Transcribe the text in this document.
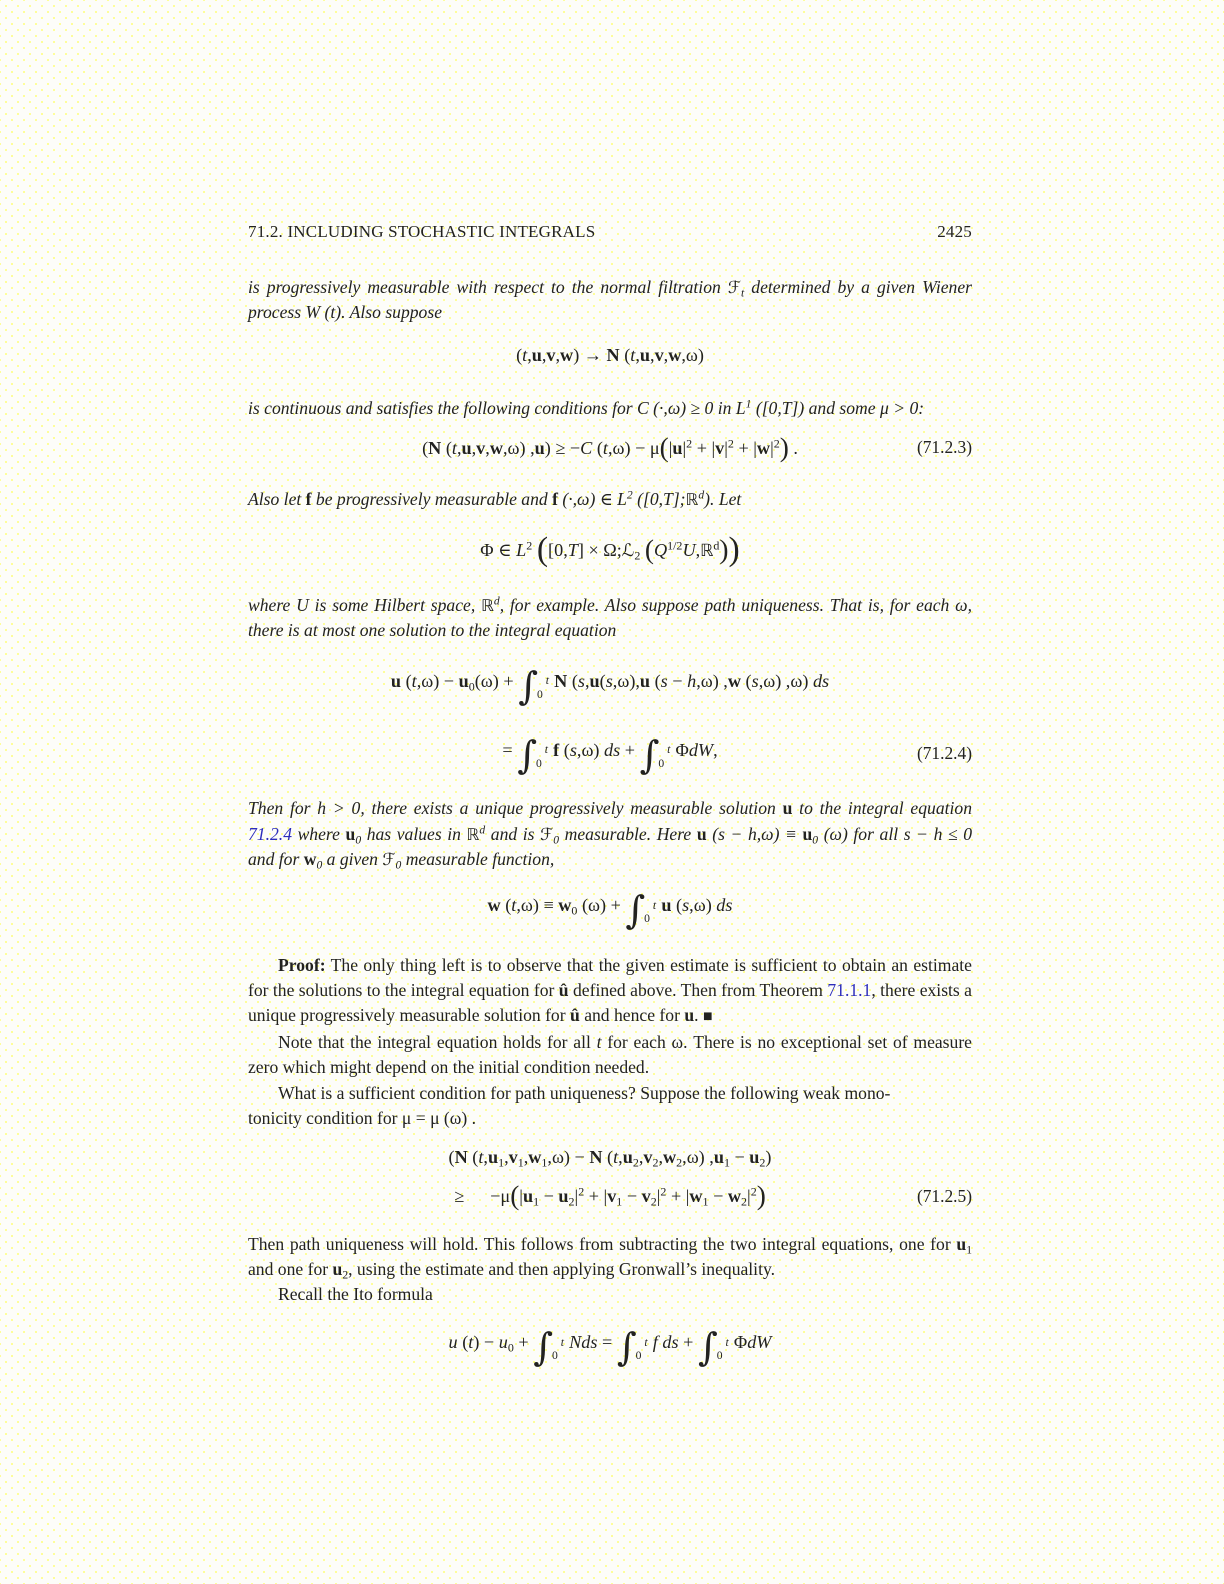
71.2. INCLUDING STOCHASTIC INTEGRALS	2425

is progressively measurable with respect to the normal filtration ℱ$_t$ determined by a given Wiener process W (t). Also suppose

(t,u,v,w) → N (t,u,v,w,ω)

is continuous and satisfies the following conditions for C (·,ω) ≥ 0 in $L^1$ ([0,T]) and some μ > 0:

(N (t,u,v,w,ω) ,u) ≥ −C $(t,\omega) - \mu(|u|^2 + |v|^2 + |w|^2)$ .	(71.2.3)

Also let f be progressively measurable and f (·,ω) ∈ $L^2$ ([0,T];ℝ$^d$). Let

Φ ∈ $L^2$ ([0,T] × Ω;ℒ$_2$ $(Q^{1/2}U,ℝ^d)$)

where U is some Hilbert space, ℝ$^d$, for example. Also suppose path uniqueness. That is, for each ω, there is at most one solution to the integral equation

u $(t,\omega) - u_0(\omega)$ + ∫ t
0
N (s,u(s,ω),u (s − h,ω) ,w (s,ω) ,ω) ds
= ∫ t
0
f (s,ω) ds + ∫ t
0
ΦdW,	(71.2.4)

Then for h > 0, there exists a unique progressively measurable solution u to the integral equation 71.2.4 where $u_0$ has values in ℝ$^d$ and is ℱ$_0$ measurable. Here u $(s - h,\omega) \equiv u_0$ (ω) for all s − h ≤ 0 and for $w_0$ a given ℱ$_0$ measurable function,

w $(t,\omega) \equiv w_0$ (ω) + ∫ t
0
u (s,ω) ds

Proof: The only thing left is to observe that the given estimate is sufficient to obtain an estimate for the solutions to the integral equation for û defined above. Then from Theorem 71.1.1, there exists a unique progressively measurable solution for û and hence for u. ■

Note that the integral equation holds for all t for each ω. There is no exceptional set of measure zero which might depend on the initial condition needed.

What is a sufficient condition for path uniqueness? Suppose the following weak mono-
tonicity condition for μ = μ (ω) .

(N $(t,u_1,v_1,w_1,\omega) - N$ $(t,u_2,v_2,w_2,\omega) ,u_1 - u_2$)
≥ $-\mu(|u_1 - u_2|^2 + |v_1 - v_2|^2 + |w_1 - w_2|^2)$	(71.2.5)

Then path uniqueness will hold. This follows from subtracting the two integral equations, one for $u_1$ and one for $u_2$, using the estimate and then applying Gronwall’s inequality.

Recall the Ito formula

u $(t) - u_0$ + ∫ t
0
Nds = ∫ t
0
f ds + ∫ t
0
ΦdW
